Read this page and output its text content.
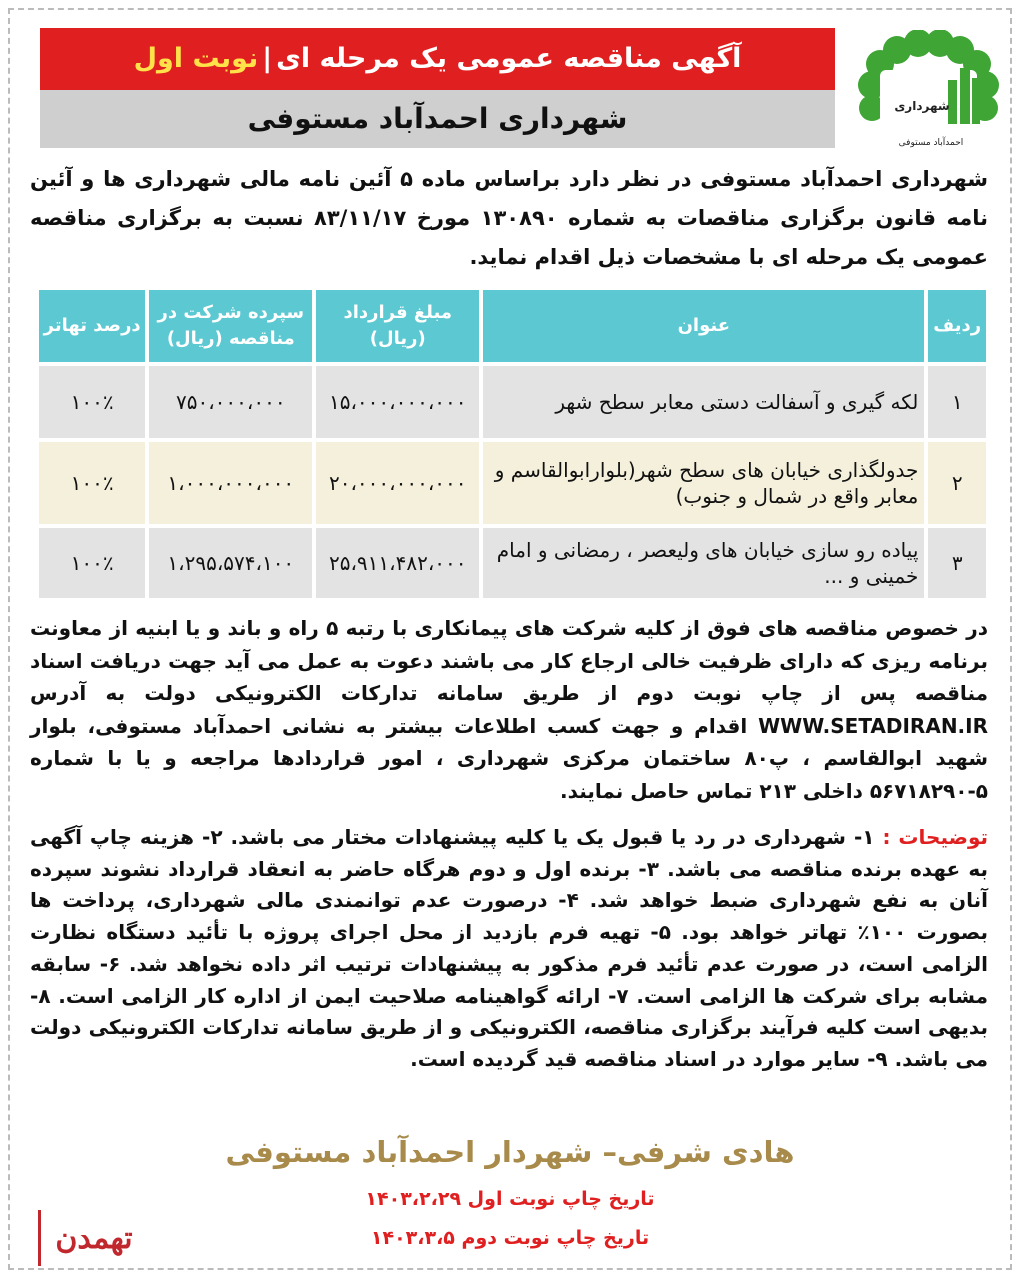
آگهی مناقصه عمومی یک مرحله ای|نوبت اول
شهرداری احمدآباد مستوفی	شهرداری
احمدآباد مستوفی
شهرداری احمدآباد مستوفی در نظر دارد براساس ماده ۵ آئین نامه مالی شهرداری ها و آئین نامه قانون برگزاری مناقصات به شماره ۱۳۰۸۹۰ مورخ ۸۳/۱۱/۱۷ نسبت به برگزاری مناقصه عمومی یک مرحله ای با مشخصات ذیل اقدام نماید.
ردیف	عنوان	مبلغ قرارداد (ریال)	سپرده شرکت در مناقصه (ریال)	درصد تهاتر
۱	لکه گیری و آسفالت دستی معابر سطح شهر	۱۵،۰۰۰،۰۰۰،۰۰۰	۷۵۰،۰۰۰،۰۰۰	۱۰۰٪
۲	جدولگذاری خیابان های سطح شهر(بلوارابوالقاسم و معابر واقع در شمال و جنوب)	۲۰،۰۰۰،۰۰۰،۰۰۰	۱،۰۰۰،۰۰۰،۰۰۰	۱۰۰٪
۳	پیاده رو سازی خیابان های ولیعصر ، رمضانی و امام خمینی و ...	۲۵،۹۱۱،۴۸۲،۰۰۰	۱،۲۹۵،۵۷۴،۱۰۰	۱۰۰٪
در خصوص مناقصه های فوق از کلیه شرکت های پیمانکاری با رتبه ۵ راه و باند و یا ابنیه از معاونت برنامه ریزی که دارای ظرفیت خالی ارجاع کار می باشند دعوت به عمل می آید جهت دریافت اسناد مناقصه پس از چاپ نوبت دوم از طریق سامانه تدارکات الکترونیکی دولت به آدرس WWW.SETADIRAN.IR اقدام و جهت کسب اطلاعات بیشتر به نشانی احمدآباد مستوفی، بلوار شهید ابوالقاسم ، پ۸۰ ساختمان مرکزی شهرداری ، امور قراردادها مراجعه و یا با شماره ۵-۵۶۷۱۸۲۹۰ داخلی ۲۱۳ تماس حاصل نمایند.
توضیحات : ۱- شهرداری در رد یا قبول یک یا کلیه پیشنهادات مختار می باشد. ۲- هزینه چاپ آگهی به عهده برنده مناقصه می باشد. ۳- برنده اول و دوم هرگاه حاضر به انعقاد قرارداد نشوند سپرده آنان به نفع شهرداری ضبط خواهد شد. ۴- درصورت عدم توانمندی مالی شهرداری، پرداخت ها بصورت ۱۰۰٪ تهاتر خواهد بود. ۵- تهیه فرم بازدید از محل اجرای پروژه با تأئید دستگاه نظارت الزامی است، در صورت عدم تأئید فرم مذکور به پیشنهادات ترتیب اثر داده نخواهد شد. ۶- سابقه مشابه برای شرکت ها الزامی است. ۷- ارائه گواهینامه صلاحیت ایمن از اداره کار الزامی است. ۸- بدیهی است کلیه فرآیند برگزاری مناقصه، الکترونیکی و از طریق سامانه تدارکات الکترونیکی دولت می باشد. ۹- سایر موارد در اسناد مناقصه قید گردیده است.
هادی شرفی– شهردار احمدآباد مستوفی
تاریخ چاپ نوبت اول ۱۴۰۳،۲،۲۹
تاریخ چاپ نوبت دوم ۱۴۰۳،۳،۵
تهمدن
